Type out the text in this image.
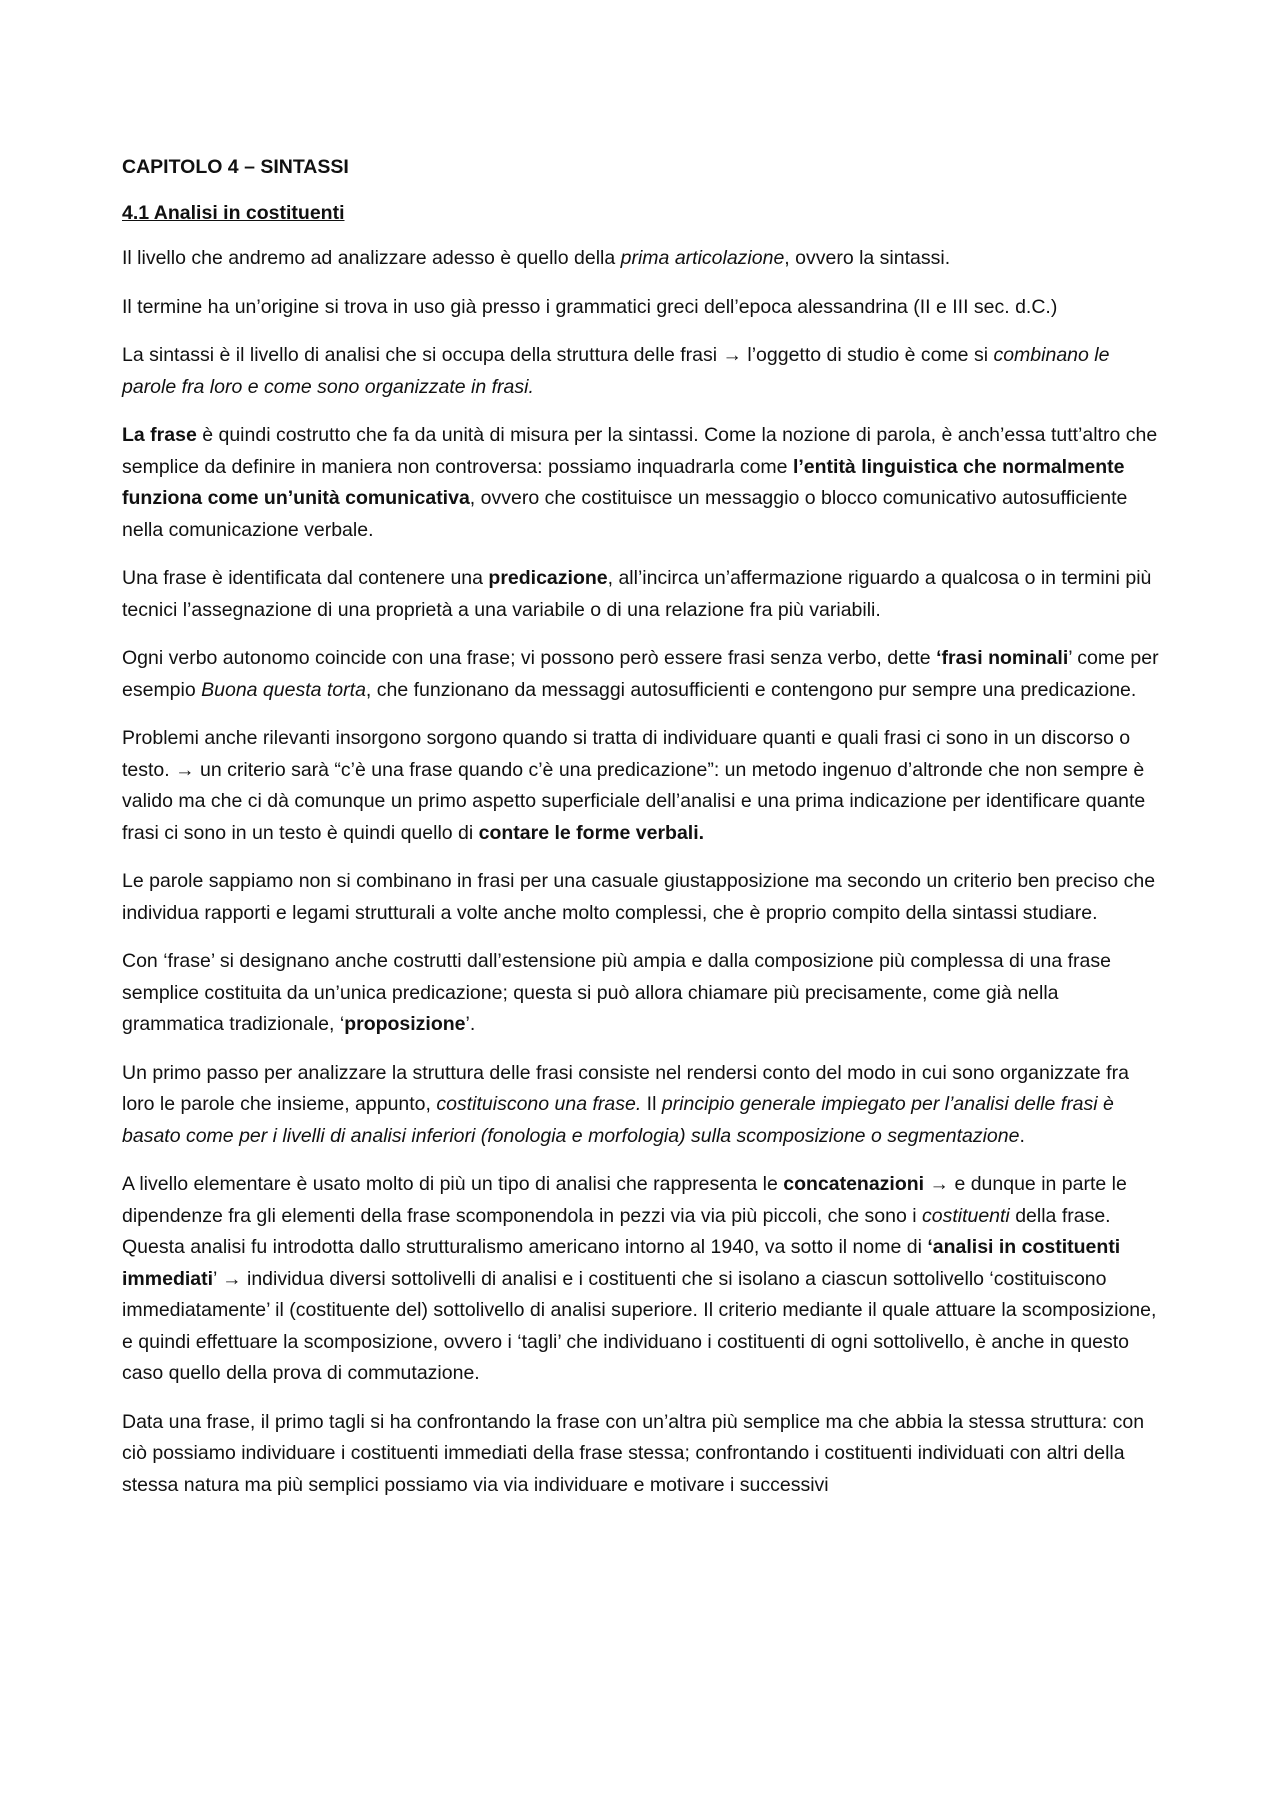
CAPITOLO 4 – SINTASSI

4.1 Analisi in costituenti

Il livello che andremo ad analizzare adesso è quello della prima articolazione, ovvero la sintassi.

Il termine ha un’origine si trova in uso già presso i grammatici greci dell’epoca alessandrina (II e III sec. d.C.)

La sintassi è il livello di analisi che si occupa della struttura delle frasi → l’oggetto di studio è come si combinano le parole fra loro e come sono organizzate in frasi.

La frase è quindi costrutto che fa da unità di misura per la sintassi. Come la nozione di parola, è anch’essa tutt’altro che semplice da definire in maniera non controversa: possiamo inquadrarla come l’entità linguistica che normalmente funziona come un’unità comunicativa, ovvero che costituisce un messaggio o blocco comunicativo autosufficiente nella comunicazione verbale.

Una frase è identificata dal contenere una predicazione, all’incirca un’affermazione riguardo a qualcosa o in termini più tecnici l’assegnazione di una proprietà a una variabile o di una relazione fra più variabili.

Ogni verbo autonomo coincide con una frase; vi possono però essere frasi senza verbo, dette ‘frasi nominali’ come per esempio Buona questa torta, che funzionano da messaggi autosufficienti e contengono pur sempre una predicazione.

Problemi anche rilevanti insorgono sorgono quando si tratta di individuare quanti e quali frasi ci sono in un discorso o testo. → un criterio sarà “c’è una frase quando c’è una predicazione”: un metodo ingenuo d’altronde che non sempre è valido ma che ci dà comunque un primo aspetto superficiale dell’analisi e una prima indicazione per identificare quante frasi ci sono in un testo è quindi quello di contare le forme verbali.

Le parole sappiamo non si combinano in frasi per una casuale giustapposizione ma secondo un criterio ben preciso che individua rapporti e legami strutturali a volte anche molto complessi, che è proprio compito della sintassi studiare.

Con ‘frase’ si designano anche costrutti dall’estensione più ampia e dalla composizione più complessa di una frase semplice costituita da un’unica predicazione; questa si può allora chiamare più precisamente, come già nella grammatica tradizionale, ‘proposizione’.

Un primo passo per analizzare la struttura delle frasi consiste nel rendersi conto del modo in cui sono organizzate fra loro le parole che insieme, appunto, costituiscono una frase. Il principio generale impiegato per l’analisi delle frasi è basato come per i livelli di analisi inferiori (fonologia e morfologia) sulla scomposizione o segmentazione.

A livello elementare è usato molto di più un tipo di analisi che rappresenta le concatenazioni → e dunque in parte le dipendenze fra gli elementi della frase scomponendola in pezzi via via più piccoli, che sono i costituenti della frase. Questa analisi fu introdotta dallo strutturalismo americano intorno al 1940, va sotto il nome di ‘analisi in costituenti immediati’ → individua diversi sottolivelli di analisi e i costituenti che si isolano a ciascun sottolivello ‘costituiscono immediatamente’ il (costituente del) sottolivello di analisi superiore. Il criterio mediante il quale attuare la scomposizione, e quindi effettuare la scomposizione, ovvero i ‘tagli’ che individuano i costituenti di ogni sottolivello, è anche in questo caso quello della prova di commutazione.

Data una frase, il primo tagli si ha confrontando la frase con un’altra più semplice ma che abbia la stessa struttura: con ciò possiamo individuare i costituenti immediati della frase stessa; confrontando i costituenti individuati con altri della stessa natura ma più semplici possiamo via via individuare e motivare i successivi
